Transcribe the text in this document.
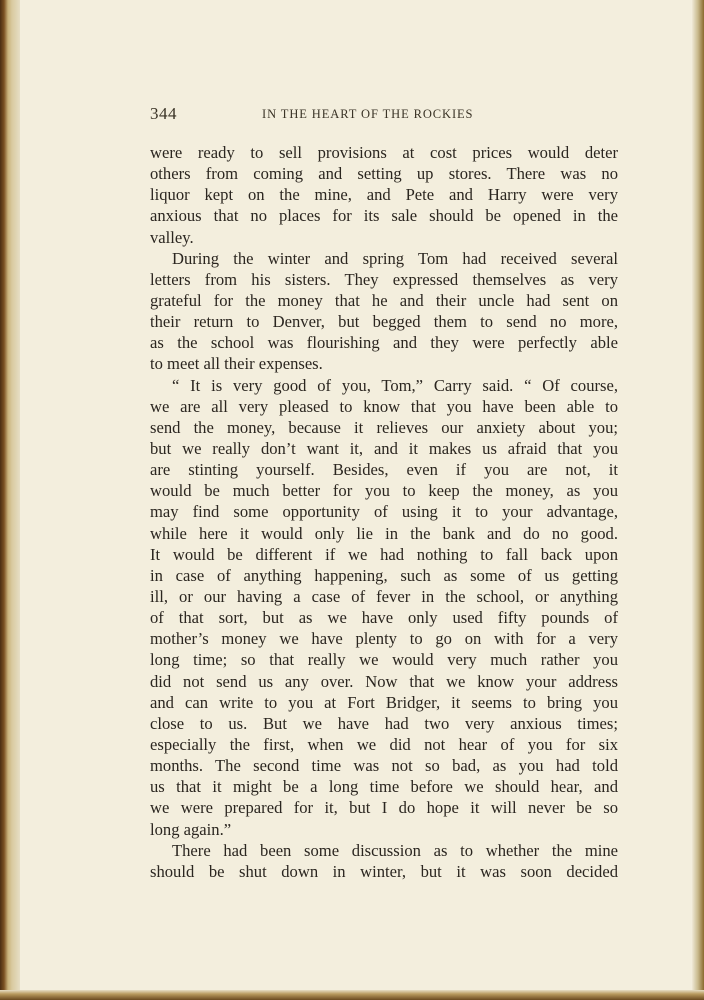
344	IN THE HEART OF THE ROCKIES
were ready to sell provisions at cost prices would deter
others from coming and setting up stores. There was no
liquor kept on the mine, and Pete and Harry were very
anxious that no places for its sale should be opened in the
valley.
During the winter and spring Tom had received several
letters from his sisters. They expressed themselves as very
grateful for the money that he and their uncle had sent on
their return to Denver, but begged them to send no more,
as the school was flourishing and they were perfectly able
to meet all their expenses.
“ It is very good of you, Tom,” Carry said. “ Of course,
we are all very pleased to know that you have been able to
send the money, because it relieves our anxiety about you;
but we really don’t want it, and it makes us afraid that you
are stinting yourself. Besides, even if you are not, it
would be much better for you to keep the money, as you
may find some opportunity of using it to your advantage,
while here it would only lie in the bank and do no good.
It would be different if we had nothing to fall back upon
in case of anything happening, such as some of us getting
ill, or our having a case of fever in the school, or anything
of that sort, but as we have only used fifty pounds of
mother’s money we have plenty to go on with for a very
long time; so that really we would very much rather you
did not send us any over. Now that we know your address
and can write to you at Fort Bridger, it seems to bring you
close to us. But we have had two very anxious times;
especially the first, when we did not hear of you for six
months. The second time was not so bad, as you had told
us that it might be a long time before we should hear, and
we were prepared for it, but I do hope it will never be so
long again.”
There had been some discussion as to whether the mine
should be shut down in winter, but it was soon decided
